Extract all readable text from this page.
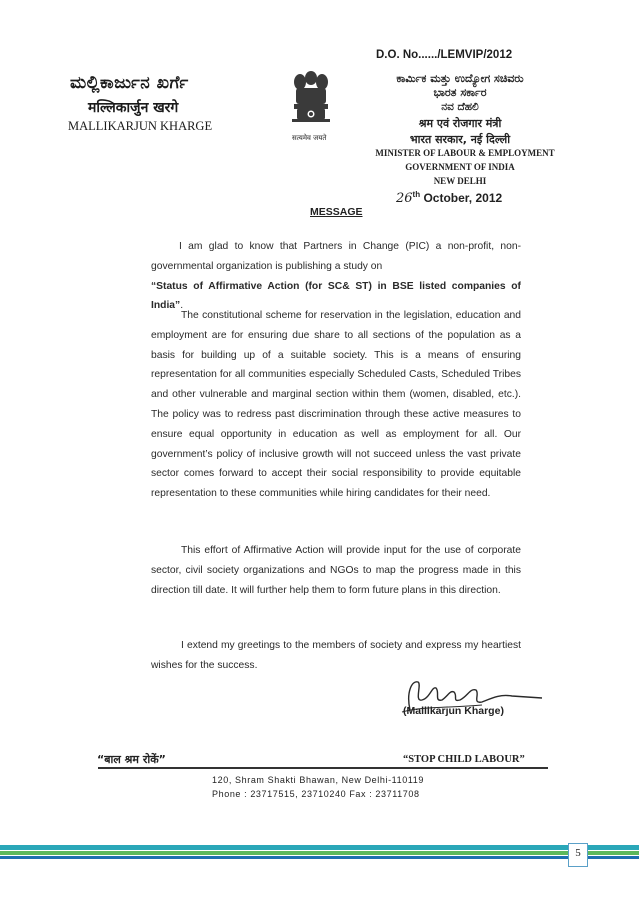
ಮಲ್ಲಿಕಾರ್ಜುನ ಖರ್ಗೆ
मल्लिकार्जुन खरगे
MALLIKARJUN KHARGE
सत्यमेव जयते
D.O. No....../LEMVIP/2012
ಕಾರ್ಮಿಕ ಮತ್ತು ಉದ್ಯೋಗ ಸಚಿವರು
ಭಾರತ ಸರ್ಕಾರ
ನವ ದೆಹಲಿ
श्रम एवं रोजगार मंत्री
भारत सरकार, नई दिल्ली
MINISTER OF LABOUR & EMPLOYMENT
GOVERNMENT OF INDIA
NEW DELHI
26th October, 2012
MESSAGE
I am glad to know that Partners in Change (PIC) a non-profit, non-governmental organization is publishing a study on“Status of Affirmative Action (for SC& ST) in BSE listed companies of India”.
The constitutional scheme for reservation in the legislation, education and employment are for ensuring due share to all sections of the population as a basis for building up of a suitable society. This is a means of ensuring representation for all communities especially Scheduled Casts, Scheduled Tribes and other vulnerable and marginal section within them (women, disabled, etc.). The policy was to redress past discrimination through these active measures to ensure equal opportunity in education as well as employment for all. Our government’s policy of inclusive growth will not succeed unless the vast private sector comes forward to accept their social responsibility to provide equitable representation to these communities while hiring candidates for their need.
This effort of Affirmative Action will provide input for the use of corporate sector, civil society organizations and NGOs to map the progress made in this direction till date. It will further help them to form future plans in this direction.
I extend my greetings to the members of society and express my heartiest wishes for the success.
(Mallikarjun Kharge)
“बाल श्रम रोकें”	“STOP CHILD LABOUR”
120, Shram Shakti Bhawan, New Delhi-110119
Phone : 23717515, 23710240 Fax : 23711708
5
